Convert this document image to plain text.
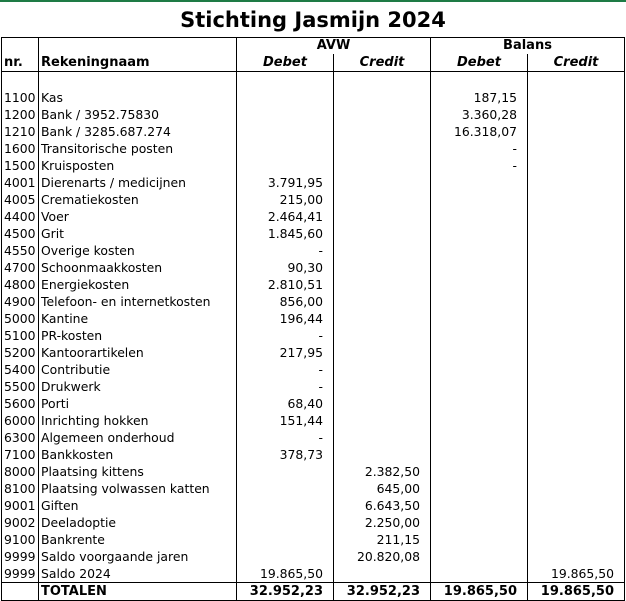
Stichting Jasmijn 2024
		AVW		Balans	
nr.	Rekeningnaam	Debet	Credit	Debet	Credit

1100	Kas			187,15	
1200	Bank / 3952.75830			3.360,28	
1210	Bank / 3285.687.274			16.318,07	
1600	Transitorische posten			-	
1500	Kruisposten			-	
4001	Dierenarts / medicijnen	3.791,95			
4005	Crematiekosten	215,00			
4400	Voer	2.464,41			
4500	Grit	1.845,60			
4550	Overige kosten	-			
4700	Schoonmaakkosten	90,30			
4800	Energiekosten	2.810,51			
4900	Telefoon- en internetkosten	856,00			
5000	Kantine	196,44			
5100	PR-kosten	-			
5200	Kantoorartikelen	217,95			
5400	Contributie	-			
5500	Drukwerk	-			
5600	Porti	68,40			
6000	Inrichting hokken	151,44			
6300	Algemeen onderhoud	-			
7100	Bankkosten	378,73			
8000	Plaatsing kittens		2.382,50		
8100	Plaatsing volwassen katten		645,00		
9001	Giften		6.643,50		
9002	Deeladoptie		2.250,00		
9100	Bankrente		211,15		
9999	Saldo voorgaande jaren		20.820,08		
9999	Saldo 2024	19.865,50			19.865,50
	TOTALEN	32.952,23	32.952,23	19.865,50	19.865,50
